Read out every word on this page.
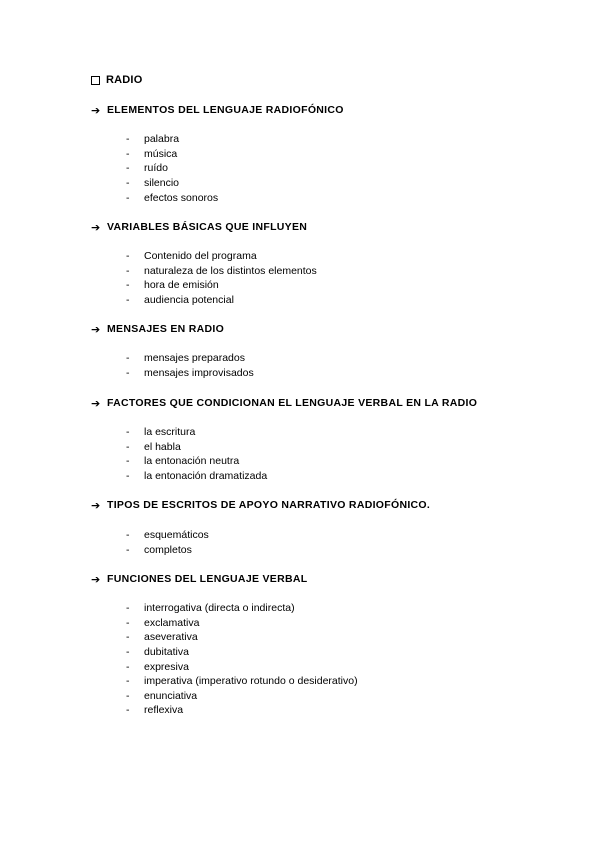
RADIO
➔ ELEMENTOS DEL LENGUAJE RADIOFÓNICO
-	palabra
-	música
-	ruído
-	silencio
-	efectos sonoros
➔ VARIABLES BÁSICAS QUE INFLUYEN
-	Contenido del programa
-	naturaleza de los distintos elementos
-	hora de emisión
-	audiencia potencial
➔ MENSAJES EN RADIO
-	mensajes preparados
-	mensajes improvisados
➔ FACTORES QUE CONDICIONAN EL LENGUAJE VERBAL EN LA RADIO
-	la escritura
-	el habla
-	la entonación neutra
-	la entonación dramatizada
➔ TIPOS DE ESCRITOS DE APOYO NARRATIVO RADIOFÓNICO.
-	esquemáticos
-	completos
➔ FUNCIONES DEL LENGUAJE VERBAL
-	interrogativa (directa o indirecta)
-	exclamativa
-	aseverativa
-	dubitativa
-	expresiva
-	imperativa (imperativo rotundo o desiderativo)
-	enunciativa
-	reflexiva
